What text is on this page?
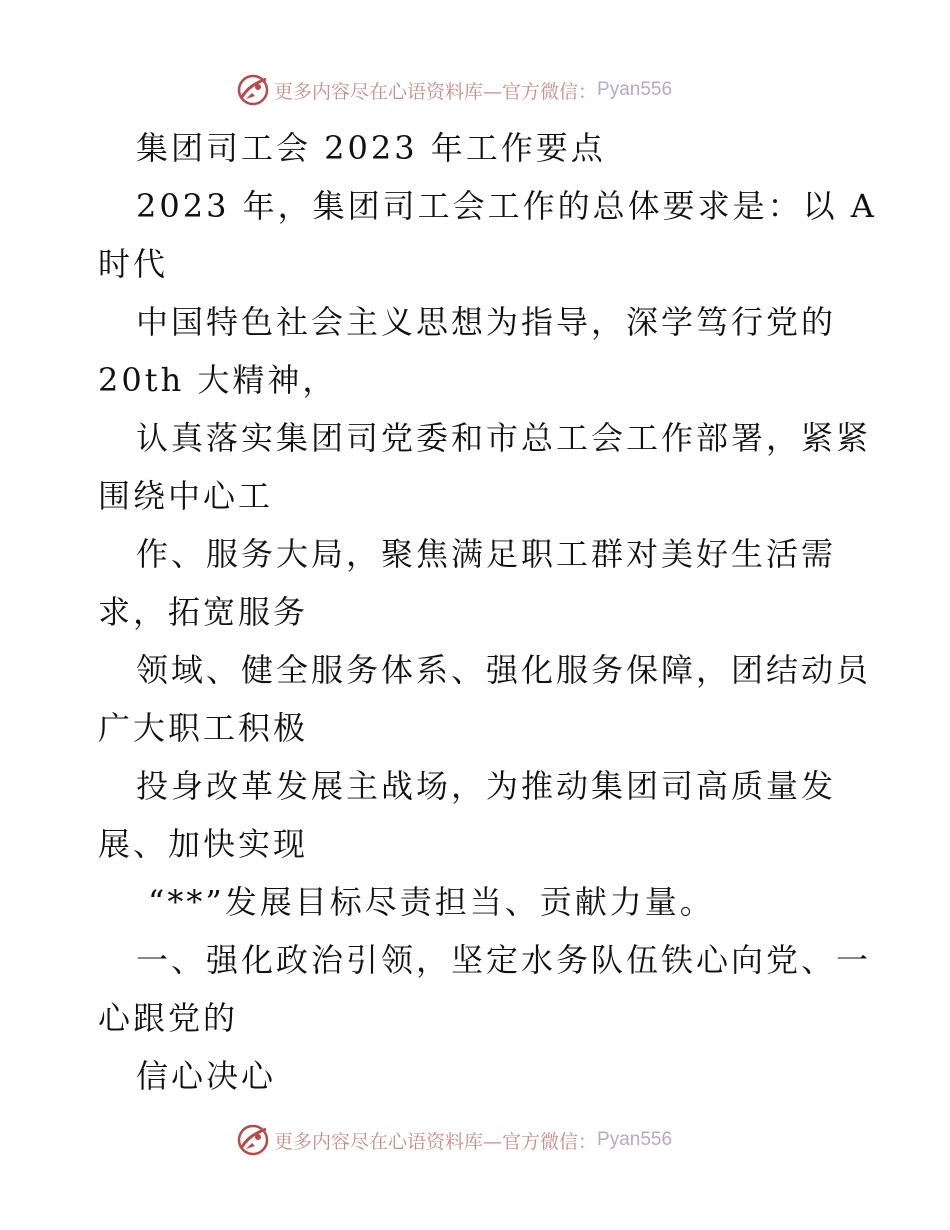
更多内容尽在心语资料库—官方微信： Pyan556
集团司工会 2023 年工作要点
2023 年，集团司工会工作的总体要求是：以 A
时代
中国特色社会主义思想为指导，深学笃行党的
20th 大精神，
认真落实集团司党委和市总工会工作部署，紧紧
围绕中心工
作、服务大局，聚焦满足职工群对美好生活需
求，拓宽服务
领域、健全服务体系、强化服务保障，团结动员
广大职工积极
投身改革发展主战场，为推动集团司高质量发
展、加快实现
“**”发展目标尽责担当、贡献力量。
一、强化政治引领，坚定水务队伍铁心向党、一
心跟党的
信心决心
更多内容尽在心语资料库—官方微信： Pyan556
